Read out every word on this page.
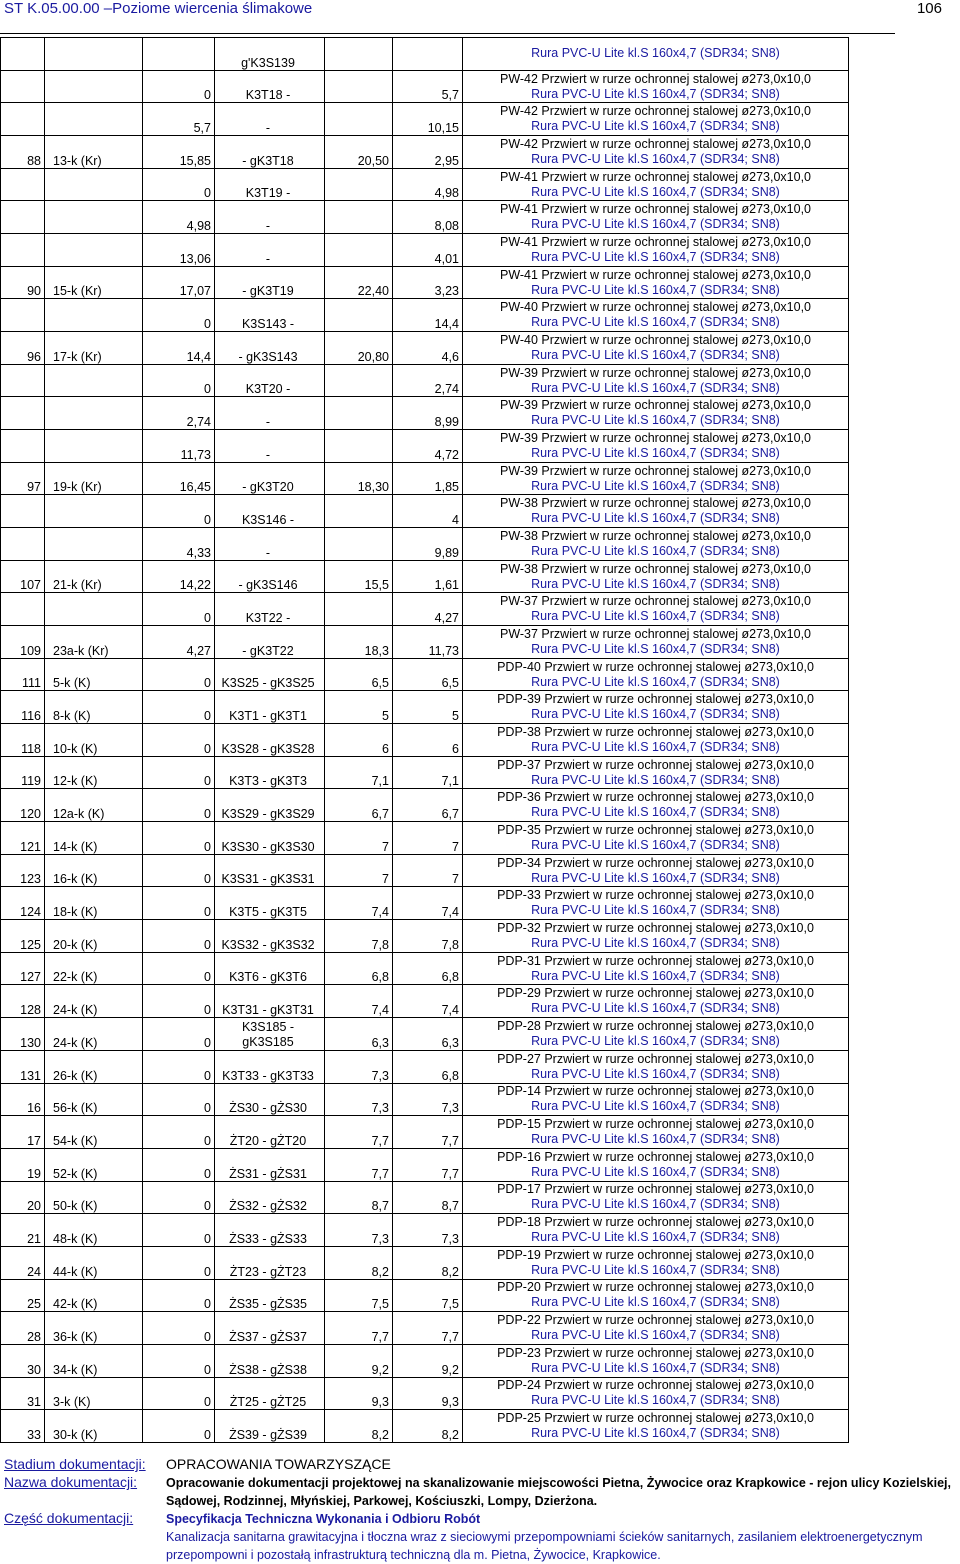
ST K.05.00.00 –Poziome wiercenia ślimakowe	106
			g'K3S139			Rura PVC-U Lite kl.S 160x4,7 (SDR34; SN8)

		0	K3T18 -		5,7	PW-42 Przwiert w rurze ochronnej stalowej ø273,0x10,0
Rura PVC-U Lite kl.S 160x4,7 (SDR34; SN8)

		5,7	-		10,15	PW-42 Przwiert w rurze ochronnej stalowej ø273,0x10,0
Rura PVC-U Lite kl.S 160x4,7 (SDR34; SN8)

88	13-k (Kr)	15,85	- gK3T18	20,50	2,95	PW-42 Przwiert w rurze ochronnej stalowej ø273,0x10,0
Rura PVC-U Lite kl.S 160x4,7 (SDR34; SN8)

		0	K3T19 -		4,98	PW-41 Przwiert w rurze ochronnej stalowej ø273,0x10,0
Rura PVC-U Lite kl.S 160x4,7 (SDR34; SN8)

		4,98	-		8,08	PW-41 Przwiert w rurze ochronnej stalowej ø273,0x10,0
Rura PVC-U Lite kl.S 160x4,7 (SDR34; SN8)

		13,06	-		4,01	PW-41 Przwiert w rurze ochronnej stalowej ø273,0x10,0
Rura PVC-U Lite kl.S 160x4,7 (SDR34; SN8)

90	15-k (Kr)	17,07	- gK3T19	22,40	3,23	PW-41 Przwiert w rurze ochronnej stalowej ø273,0x10,0
Rura PVC-U Lite kl.S 160x4,7 (SDR34; SN8)

		0	K3S143 -		14,4	PW-40 Przwiert w rurze ochronnej stalowej ø273,0x10,0
Rura PVC-U Lite kl.S 160x4,7 (SDR34; SN8)

96	17-k (Kr)	14,4	- gK3S143	20,80	4,6	PW-40 Przwiert w rurze ochronnej stalowej ø273,0x10,0
Rura PVC-U Lite kl.S 160x4,7 (SDR34; SN8)

		0	K3T20 -		2,74	PW-39 Przwiert w rurze ochronnej stalowej ø273,0x10,0
Rura PVC-U Lite kl.S 160x4,7 (SDR34; SN8)

		2,74	-		8,99	PW-39 Przwiert w rurze ochronnej stalowej ø273,0x10,0
Rura PVC-U Lite kl.S 160x4,7 (SDR34; SN8)

		11,73	-		4,72	PW-39 Przwiert w rurze ochronnej stalowej ø273,0x10,0
Rura PVC-U Lite kl.S 160x4,7 (SDR34; SN8)

97	19-k (Kr)	16,45	- gK3T20	18,30	1,85	PW-39 Przwiert w rurze ochronnej stalowej ø273,0x10,0
Rura PVC-U Lite kl.S 160x4,7 (SDR34; SN8)

		0	K3S146 -		4	PW-38 Przwiert w rurze ochronnej stalowej ø273,0x10,0
Rura PVC-U Lite kl.S 160x4,7 (SDR34; SN8)

		4,33	-		9,89	PW-38 Przwiert w rurze ochronnej stalowej ø273,0x10,0
Rura PVC-U Lite kl.S 160x4,7 (SDR34; SN8)

107	21-k (Kr)	14,22	- gK3S146	15,5	1,61	PW-38 Przwiert w rurze ochronnej stalowej ø273,0x10,0
Rura PVC-U Lite kl.S 160x4,7 (SDR34; SN8)

		0	K3T22 -		4,27	PW-37 Przwiert w rurze ochronnej stalowej ø273,0x10,0
Rura PVC-U Lite kl.S 160x4,7 (SDR34; SN8)

109	23a-k (Kr)	4,27	- gK3T22	18,3	11,73	PW-37 Przwiert w rurze ochronnej stalowej ø273,0x10,0
Rura PVC-U Lite kl.S 160x4,7 (SDR34; SN8)

111	5-k (K)	0	K3S25 - gK3S25	6,5	6,5	PDP-40 Przwiert w rurze ochronnej stalowej ø273,0x10,0
Rura PVC-U Lite kl.S 160x4,7 (SDR34; SN8)

116	8-k (K)	0	K3T1 - gK3T1	5	5	PDP-39 Przwiert w rurze ochronnej stalowej ø273,0x10,0
Rura PVC-U Lite kl.S 160x4,7 (SDR34; SN8)

118	10-k (K)	0	K3S28 - gK3S28	6	6	PDP-38 Przwiert w rurze ochronnej stalowej ø273,0x10,0
Rura PVC-U Lite kl.S 160x4,7 (SDR34; SN8)

119	12-k (K)	0	K3T3 - gK3T3	7,1	7,1	PDP-37 Przwiert w rurze ochronnej stalowej ø273,0x10,0
Rura PVC-U Lite kl.S 160x4,7 (SDR34; SN8)

120	12a-k (K)	0	K3S29 - gK3S29	6,7	6,7	PDP-36 Przwiert w rurze ochronnej stalowej ø273,0x10,0
Rura PVC-U Lite kl.S 160x4,7 (SDR34; SN8)

121	14-k (K)	0	K3S30 - gK3S30	7	7	PDP-35 Przwiert w rurze ochronnej stalowej ø273,0x10,0
Rura PVC-U Lite kl.S 160x4,7 (SDR34; SN8)

123	16-k (K)	0	K3S31 - gK3S31	7	7	PDP-34 Przwiert w rurze ochronnej stalowej ø273,0x10,0
Rura PVC-U Lite kl.S 160x4,7 (SDR34; SN8)

124	18-k (K)	0	K3T5 - gK3T5	7,4	7,4	PDP-33 Przwiert w rurze ochronnej stalowej ø273,0x10,0
Rura PVC-U Lite kl.S 160x4,7 (SDR34; SN8)

125	20-k (K)	0	K3S32 - gK3S32	7,8	7,8	PDP-32 Przwiert w rurze ochronnej stalowej ø273,0x10,0
Rura PVC-U Lite kl.S 160x4,7 (SDR34; SN8)

127	22-k (K)	0	K3T6 - gK3T6	6,8	6,8	PDP-31 Przwiert w rurze ochronnej stalowej ø273,0x10,0
Rura PVC-U Lite kl.S 160x4,7 (SDR34; SN8)

128	24-k (K)	0	K3T31 - gK3T31	7,4	7,4	PDP-29 Przwiert w rurze ochronnej stalowej ø273,0x10,0
Rura PVC-U Lite kl.S 160x4,7 (SDR34; SN8)

130	24-k (K)	0	K3S185 - gK3S185	6,3	6,3	PDP-28 Przwiert w rurze ochronnej stalowej ø273,0x10,0
Rura PVC-U Lite kl.S 160x4,7 (SDR34; SN8)

131	26-k (K)	0	K3T33 - gK3T33	7,3	6,8	PDP-27 Przwiert w rurze ochronnej stalowej ø273,0x10,0
Rura PVC-U Lite kl.S 160x4,7 (SDR34; SN8)

16	56-k (K)	0	ŻS30 - gŻS30	7,3	7,3	PDP-14 Przwiert w rurze ochronnej stalowej ø273,0x10,0
Rura PVC-U Lite kl.S 160x4,7 (SDR34; SN8)

17	54-k (K)	0	ŻT20 - gŻT20	7,7	7,7	PDP-15 Przwiert w rurze ochronnej stalowej ø273,0x10,0
Rura PVC-U Lite kl.S 160x4,7 (SDR34; SN8)

19	52-k (K)	0	ŻS31 - gŻS31	7,7	7,7	PDP-16 Przwiert w rurze ochronnej stalowej ø273,0x10,0
Rura PVC-U Lite kl.S 160x4,7 (SDR34; SN8)

20	50-k (K)	0	ŻS32 - gŻS32	8,7	8,7	PDP-17 Przwiert w rurze ochronnej stalowej ø273,0x10,0
Rura PVC-U Lite kl.S 160x4,7 (SDR34; SN8)

21	48-k (K)	0	ŻS33 - gŻS33	7,3	7,3	PDP-18 Przwiert w rurze ochronnej stalowej ø273,0x10,0
Rura PVC-U Lite kl.S 160x4,7 (SDR34; SN8)

24	44-k (K)	0	ŻT23 - gŻT23	8,2	8,2	PDP-19 Przwiert w rurze ochronnej stalowej ø273,0x10,0
Rura PVC-U Lite kl.S 160x4,7 (SDR34; SN8)

25	42-k (K)	0	ŻS35 - gŻS35	7,5	7,5	PDP-20 Przwiert w rurze ochronnej stalowej ø273,0x10,0
Rura PVC-U Lite kl.S 160x4,7 (SDR34; SN8)

28	36-k (K)	0	ŻS37 - gŻS37	7,7	7,7	PDP-22 Przwiert w rurze ochronnej stalowej ø273,0x10,0
Rura PVC-U Lite kl.S 160x4,7 (SDR34; SN8)

30	34-k (K)	0	ŻS38 - gŻS38	9,2	9,2	PDP-23 Przwiert w rurze ochronnej stalowej ø273,0x10,0
Rura PVC-U Lite kl.S 160x4,7 (SDR34; SN8)

31	3-k (K)	0	ŻT25 - gŻT25	9,3	9,3	PDP-24 Przwiert w rurze ochronnej stalowej ø273,0x10,0
Rura PVC-U Lite kl.S 160x4,7 (SDR34; SN8)

33	30-k (K)	0	ŻS39 - gŻS39	8,2	8,2	PDP-25 Przwiert w rurze ochronnej stalowej ø273,0x10,0
Rura PVC-U Lite kl.S 160x4,7 (SDR34; SN8)
Stadium dokumentacji: OPRACOWANIA TOWARZYSZĄCE
Nazwa dokumentacji: Opracowanie dokumentacji projektowej na skanalizowanie miejscowości Pietna, Żywocice oraz Krapkowice - rejon ulicy Kozielskiej, Sądowej, Rodzinnej, Młyńskiej, Parkowej, Kościuszki, Lompy, Dzierżona.
Część dokumentacji:	Specyfikacja Techniczna Wykonania i Odbioru Robót
Kanalizacja sanitarna grawitacyjna i tłoczna wraz z sieciowymi przepompowniami ścieków sanitarnych, zasilaniem elektroenergetycznym przepompowni i pozostałą infrastrukturą techniczną dla m. Pietna, Żywocice, Krapkowice.
